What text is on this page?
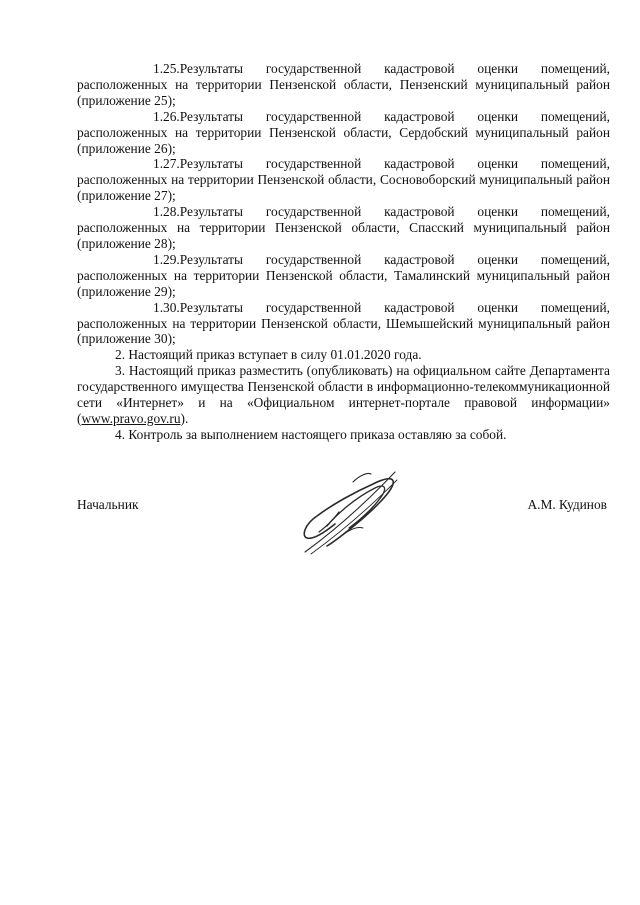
1.25.Результаты государственной кадастровой оценки помещений, расположенных на территории Пензенской области, Пензенский муниципальный район (приложение 25);

1.26.Результаты государственной кадастровой оценки помещений, расположенных на территории Пензенской области, Сердобский муниципальный район (приложение 26);

1.27.Результаты государственной кадастровой оценки помещений, расположенных на территории Пензенской области, Сосновоборский муниципальный район (приложение 27);

1.28.Результаты государственной кадастровой оценки помещений, расположенных на территории Пензенской области, Спасский муниципальный район (приложение 28);

1.29.Результаты государственной кадастровой оценки помещений, расположенных на территории Пензенской области, Тамалинский муниципальный район (приложение 29);

1.30.Результаты государственной кадастровой оценки помещений, расположенных на территории Пензенской области, Шемышейский муниципальный район (приложение 30);

2. Настоящий приказ вступает в силу 01.01.2020 года.

3. Настоящий приказ разместить (опубликовать) на официальном сайте Департамента государственного имущества Пензенской области в информационно-телекоммуникационной сети «Интернет» и на «Официальном интернет-портале правовой информации» (www.pravo.gov.ru).

4. Контроль за выполнением настоящего приказа оставляю за собой.

Начальник	А.М. Кудинов
